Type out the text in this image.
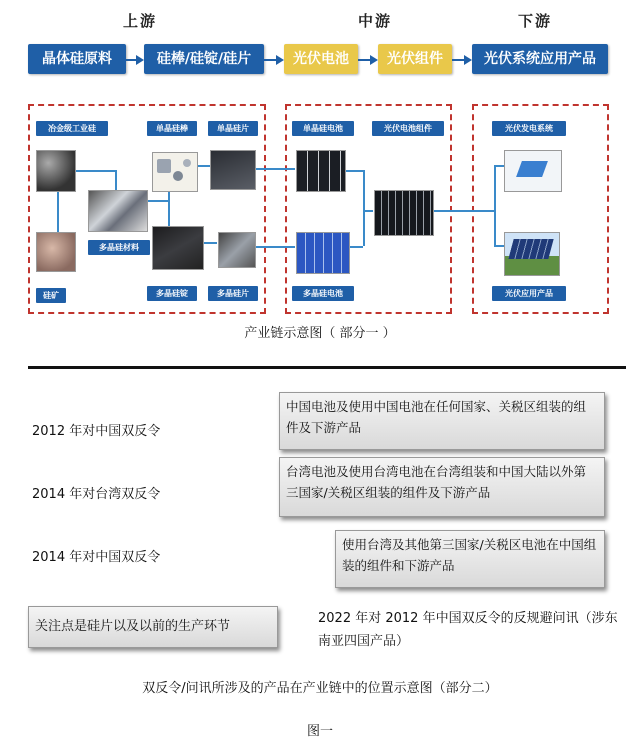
上游	中游	下游
晶体硅原料	硅棒/硅锭/硅片	光伏电池	光伏组件	光伏系统应用产品
冶金级工业硅	单晶硅棒	单晶硅片	单晶硅电池	光伏电池组件	光伏发电系统
多晶硅材料
硅矿	多晶硅锭	多晶硅片	多晶硅电池	光伏应用产品
产业链示意图（ 部分一 ）
2012 年对中国双反令
2014 年对台湾双反令
2014 年对中国双反令
中国电池及使用中国电池在任何国家、关税区组装的组件及下游产品
台湾电池及使用台湾电池在台湾组装和中国大陆以外第三国家/关税区组装的组件及下游产品
使用台湾及其他第三国家/关税区电池在中国组装的组件和下游产品
关注点是硅片以及以前的生产环节
2022 年对 2012 年中国双反令的反规避问讯（涉东南亚四国产品）
双反令/问讯所涉及的产品在产业链中的位置示意图（部分二）
图一
